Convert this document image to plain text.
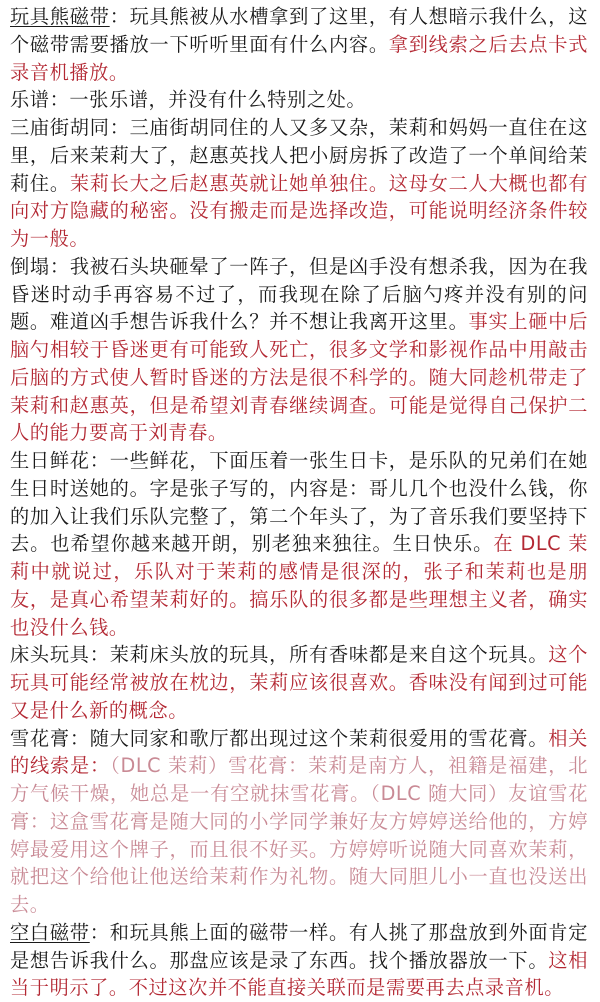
玩具熊磁带：玩具熊被从水槽拿到了这里，有人想暗示我什么，这个磁带需要播放一下听听里面有什么内容。拿到线索之后去点卡式录音机播放。

乐谱：一张乐谱，并没有什么特别之处。

三庙街胡同：三庙街胡同住的人又多又杂，茉莉和妈妈一直住在这里，后来茉莉大了，赵惠英找人把小厨房拆了改造了一个单间给茉莉住。茉莉长大之后赵惠英就让她单独住。这母女二人大概也都有向对方隐藏的秘密。没有搬走而是选择改造，可能说明经济条件较为一般。

倒塌：我被石头块砸晕了一阵子，但是凶手没有想杀我，因为在我昏迷时动手再容易不过了，而我现在除了后脑勺疼并没有别的问题。难道凶手想告诉我什么？并不想让我离开这里。事实上砸中后脑勺相较于昏迷更有可能致人死亡，很多文学和影视作品中用敲击后脑的方式使人暂时昏迷的方法是很不科学的。随大同趁机带走了茉莉和赵惠英，但是希望刘青春继续调查。可能是觉得自己保护二人的能力要高于刘青春。

生日鲜花：一些鲜花，下面压着一张生日卡，是乐队的兄弟们在她生日时送她的。字是张子写的，内容是：哥儿几个也没什么钱，你的加入让我们乐队完整了，第二个年头了，为了音乐我们要坚持下去。也希望你越来越开朗，别老独来独往。生日快乐。在 DLC 茉莉中就说过，乐队对于茉莉的感情是很深的，张子和茉莉也是朋友，是真心希望茉莉好的。搞乐队的很多都是些理想主义者，确实也没什么钱。

床头玩具：茉莉床头放的玩具，所有香味都是来自这个玩具。这个玩具可能经常被放在枕边，茉莉应该很喜欢。香味没有闻到过可能又是什么新的概念。

雪花膏：随大同家和歌厅都出现过这个茉莉很爱用的雪花膏。相关的线索是：（DLC 茉莉）雪花膏：茉莉是南方人，祖籍是福建，北方气候干燥，她总是一有空就抹雪花膏。（DLC 随大同）友谊雪花膏：这盒雪花膏是随大同的小学同学兼好友方婷婷送给他的，方婷婷最爱用这个牌子，而且很不好买。方婷婷听说随大同喜欢茉莉，就把这个给他让他送给茉莉作为礼物。随大同胆儿小一直也没送出去。

空白磁带：和玩具熊上面的磁带一样。有人挑了那盘放到外面肯定是想告诉我什么。那盘应该是录了东西。找个播放器放一下。这相当于明示了。不过这次并不能直接关联而是需要再去点录音机。
